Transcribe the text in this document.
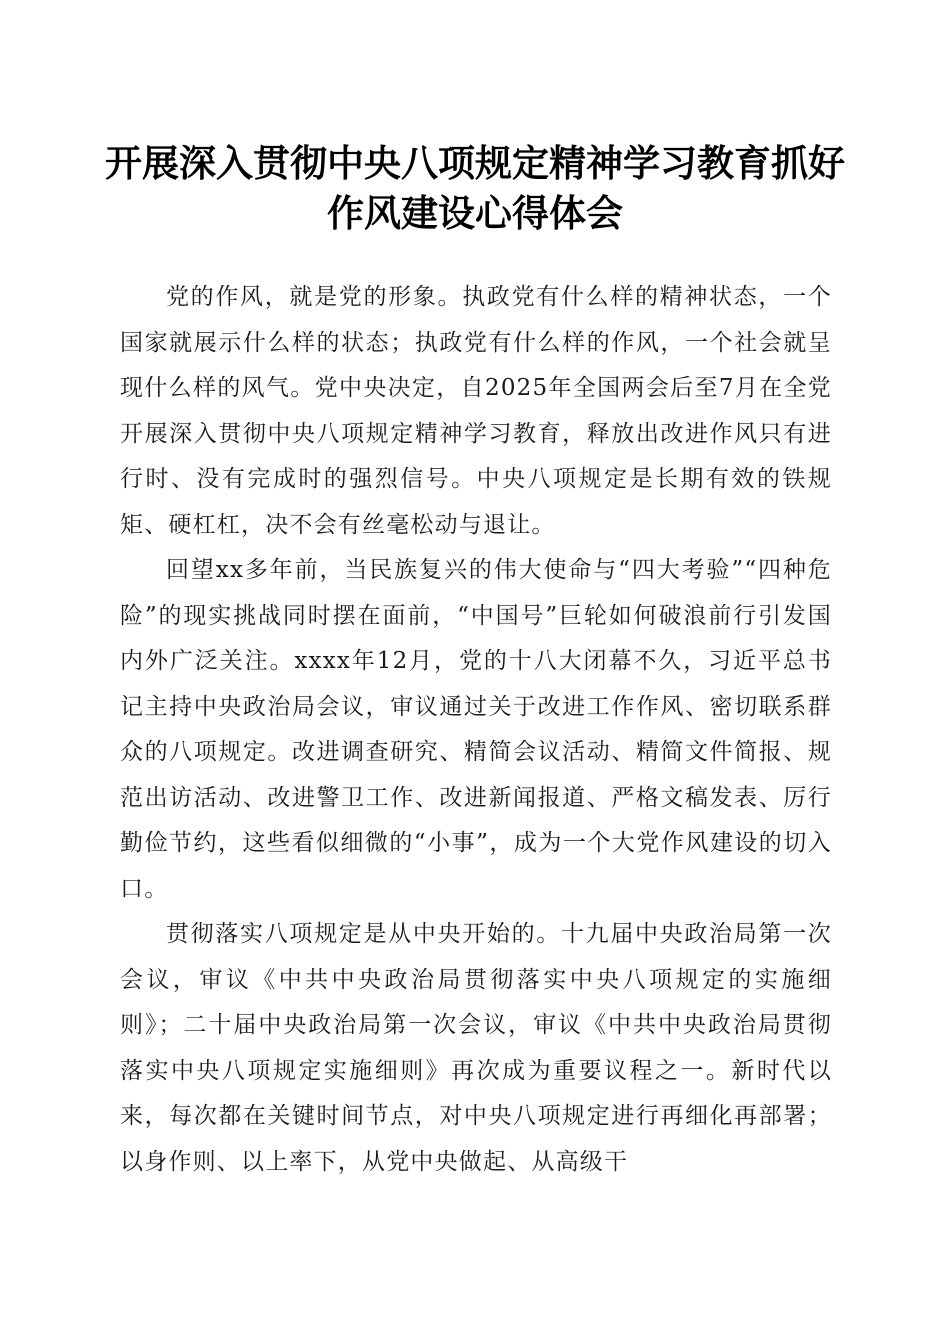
开展深入贯彻中央八项规定精神学习教育抓好
作风建设心得体会

党的作风，就是党的形象。执政党有什么样的精神状态，一个国家就展示什么样的状态；执政党有什么样的作风，一个社会就呈现什么样的风气。党中央决定，自2025年全国两会后至7月在全党开展深入贯彻中央八项规定精神学习教育，释放出改进作风只有进行时、没有完成时的强烈信号。中央八项规定是长期有效的铁规矩、硬杠杠，决不会有丝毫松动与退让。

回望xx多年前，当民族复兴的伟大使命与“四大考验”“四种危险”的现实挑战同时摆在面前，“中国号”巨轮如何破浪前行引发国内外广泛关注。xxxx年12月，党的十八大闭幕不久，习近平总书记主持中央政治局会议，审议通过关于改进工作作风、密切联系群众的八项规定。改进调查研究、精简会议活动、精简文件简报、规范出访活动、改进警卫工作、改进新闻报道、严格文稿发表、厉行勤俭节约，这些看似细微的“小事”，成为一个大党作风建设的切入口。

贯彻落实八项规定是从中央开始的。十九届中央政治局第一次会议，审议《中共中央政治局贯彻落实中央八项规定的实施细则》；二十届中央政治局第一次会议，审议《中共中央政治局贯彻落实中央八项规定实施细则》再次成为重要议程之一。新时代以来，每次都在关键时间节点，对中央八项规定进行再细化再部署；以身作则、以上率下，从党中央做起、从高级干
